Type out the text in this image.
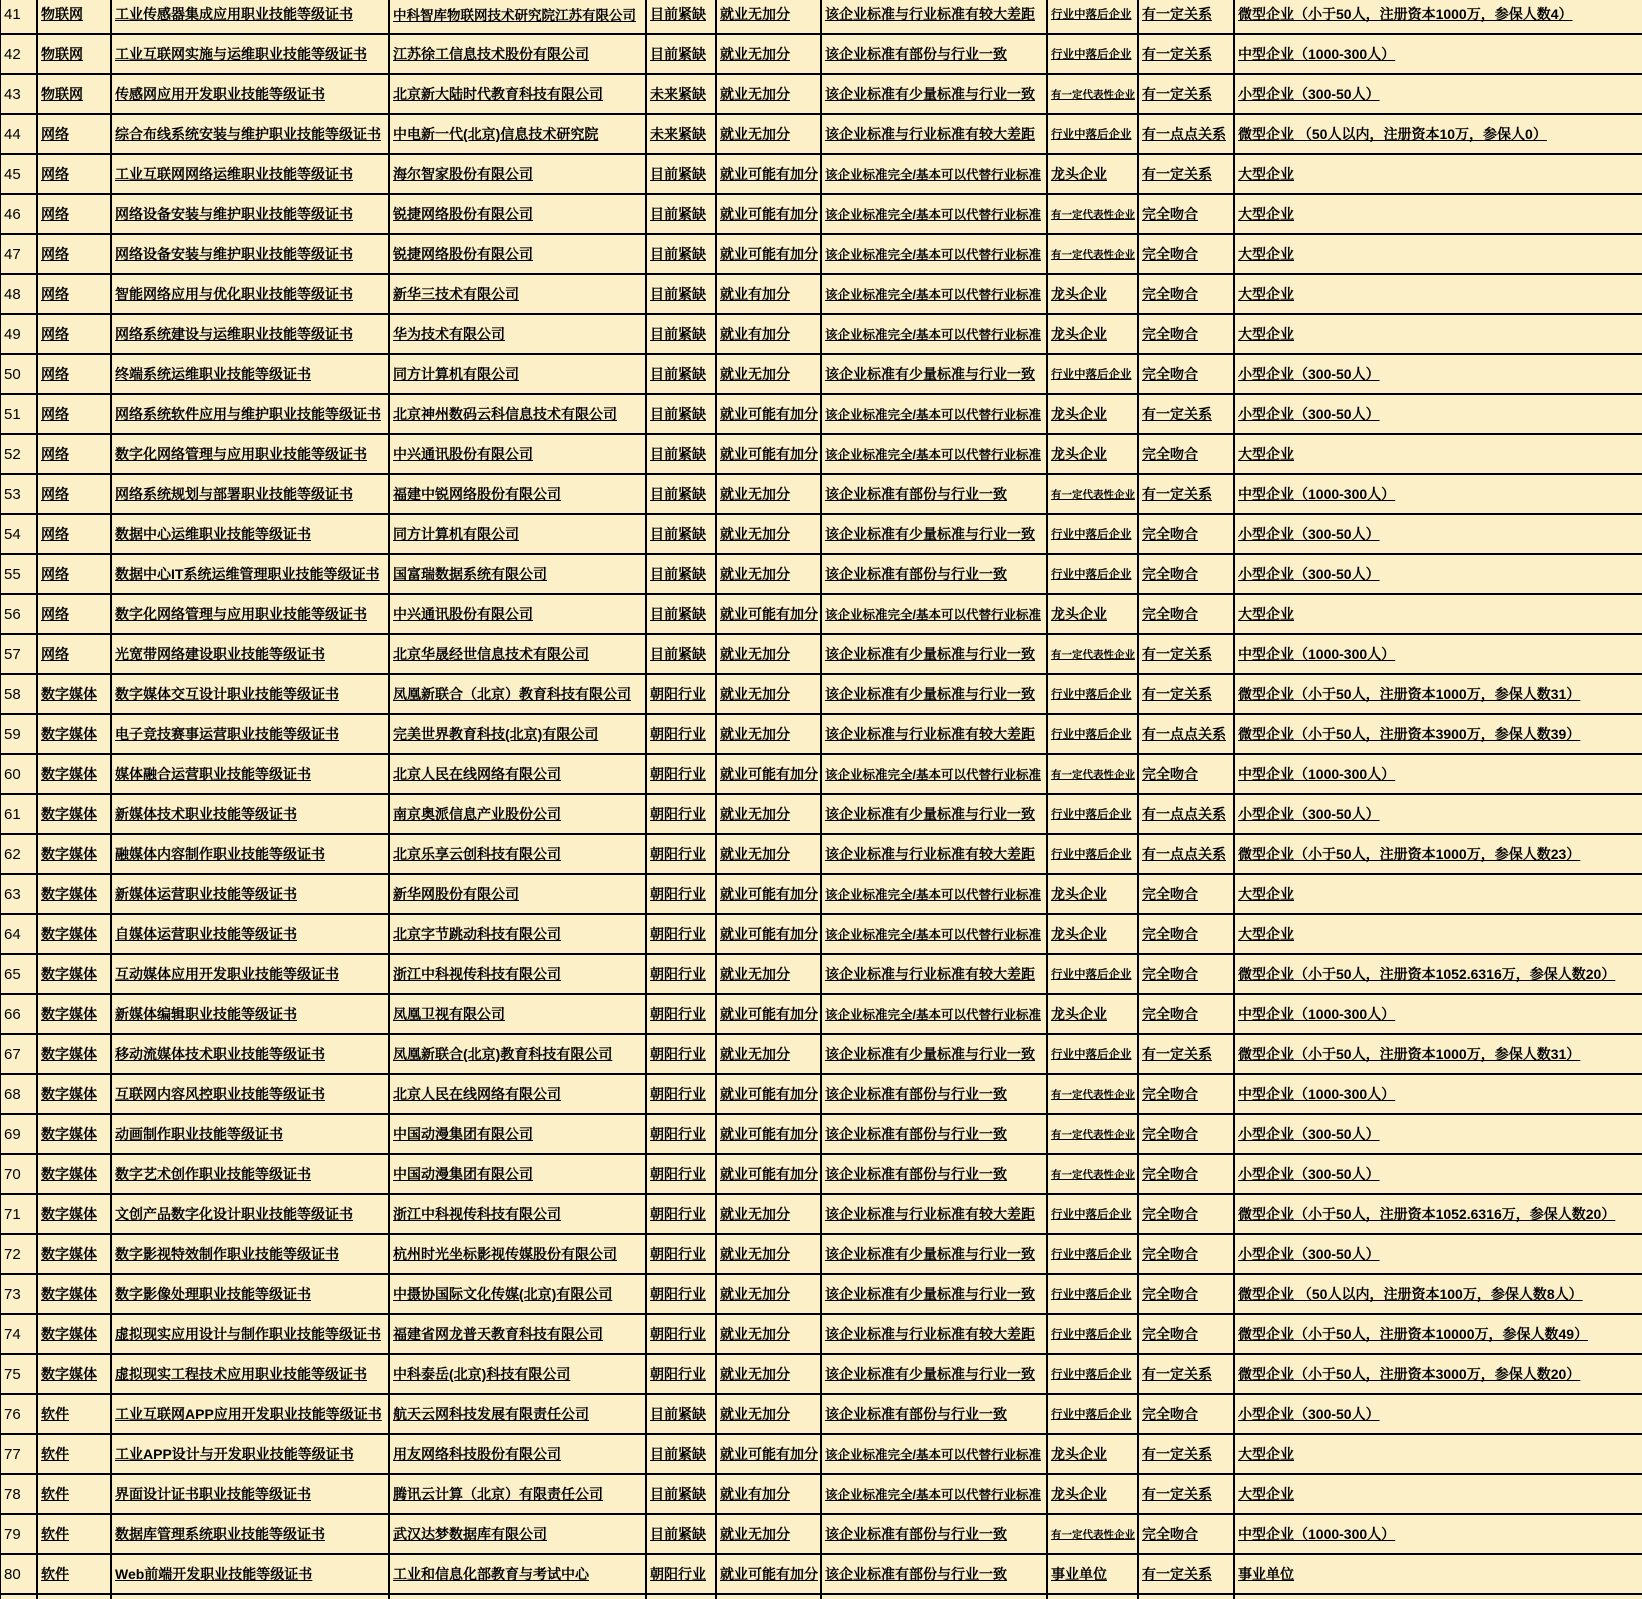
41	物联网	工业传感器集成应用职业技能等级证书	中科智库物联网技术研究院江苏有限公司	目前紧缺	就业无加分	该企业标准与行业标准有较大差距	行业中落后企业	有一定关系	微型企业（小于50人，注册资本1000万，参保人数4）
42	物联网	工业互联网实施与运维职业技能等级证书	江苏徐工信息技术股份有限公司	目前紧缺	就业无加分	该企业标准有部份与行业一致	行业中落后企业	有一定关系	中型企业（1000-300人）
43	物联网	传感网应用开发职业技能等级证书	北京新大陆时代教育科技有限公司	未来紧缺	就业无加分	该企业标准有少量标准与行业一致	有一定代表性企业	有一定关系	小型企业（300-50人）
44	网络	综合布线系统安装与维护职业技能等级证书	中电新一代(北京)信息技术研究院	未来紧缺	就业无加分	该企业标准与行业标准有较大差距	行业中落后企业	有一点点关系	微型企业 （50人以内，注册资本10万，参保人0）
45	网络	工业互联网网络运维职业技能等级证书	海尔智家股份有限公司	目前紧缺	就业可能有加分	该企业标准完全/基本可以代替行业标准	龙头企业	有一定关系	大型企业
46	网络	网络设备安装与维护职业技能等级证书	锐捷网络股份有限公司	目前紧缺	就业可能有加分	该企业标准完全/基本可以代替行业标准	有一定代表性企业	完全吻合	大型企业
47	网络	网络设备安装与维护职业技能等级证书	锐捷网络股份有限公司	目前紧缺	就业可能有加分	该企业标准完全/基本可以代替行业标准	有一定代表性企业	完全吻合	大型企业
48	网络	智能网络应用与优化职业技能等级证书	新华三技术有限公司	目前紧缺	就业有加分	该企业标准完全/基本可以代替行业标准	龙头企业	完全吻合	大型企业
49	网络	网络系统建设与运维职业技能等级证书	华为技术有限公司	目前紧缺	就业有加分	该企业标准完全/基本可以代替行业标准	龙头企业	完全吻合	大型企业
50	网络	终端系统运维职业技能等级证书	同方计算机有限公司	目前紧缺	就业无加分	该企业标准有少量标准与行业一致	行业中落后企业	完全吻合	小型企业（300-50人）
51	网络	网络系统软件应用与维护职业技能等级证书	北京神州数码云科信息技术有限公司	目前紧缺	就业可能有加分	该企业标准完全/基本可以代替行业标准	龙头企业	有一定关系	小型企业（300-50人）
52	网络	数字化网络管理与应用职业技能等级证书	中兴通讯股份有限公司	目前紧缺	就业可能有加分	该企业标准完全/基本可以代替行业标准	龙头企业	完全吻合	大型企业
53	网络	网络系统规划与部署职业技能等级证书	福建中锐网络股份有限公司	目前紧缺	就业无加分	该企业标准有部份与行业一致	有一定代表性企业	有一定关系	中型企业（1000-300人）
54	网络	数据中心运维职业技能等级证书	同方计算机有限公司	目前紧缺	就业无加分	该企业标准有少量标准与行业一致	行业中落后企业	完全吻合	小型企业（300-50人）
55	网络	数据中心IT系统运维管理职业技能等级证书	国富瑞数据系统有限公司	目前紧缺	就业无加分	该企业标准有部份与行业一致	行业中落后企业	完全吻合	小型企业（300-50人）
56	网络	数字化网络管理与应用职业技能等级证书	中兴通讯股份有限公司	目前紧缺	就业可能有加分	该企业标准完全/基本可以代替行业标准	龙头企业	完全吻合	大型企业
57	网络	光宽带网络建设职业技能等级证书	北京华晟经世信息技术有限公司	目前紧缺	就业无加分	该企业标准有少量标准与行业一致	有一定代表性企业	有一定关系	中型企业（1000-300人）
58	数字媒体	数字媒体交互设计职业技能等级证书	凤凰新联合（北京）教育科技有限公司	朝阳行业	就业无加分	该企业标准有少量标准与行业一致	行业中落后企业	有一定关系	微型企业（小于50人，注册资本1000万，参保人数31）
59	数字媒体	电子竞技赛事运营职业技能等级证书	完美世界教育科技(北京)有限公司	朝阳行业	就业无加分	该企业标准与行业标准有较大差距	行业中落后企业	有一点点关系	微型企业（小于50人，注册资本3900万，参保人数39）
60	数字媒体	媒体融合运营职业技能等级证书	北京人民在线网络有限公司	朝阳行业	就业可能有加分	该企业标准完全/基本可以代替行业标准	有一定代表性企业	完全吻合	中型企业（1000-300人）
61	数字媒体	新媒体技术职业技能等级证书	南京奥派信息产业股份公司	朝阳行业	就业无加分	该企业标准有少量标准与行业一致	行业中落后企业	有一点点关系	小型企业（300-50人）
62	数字媒体	融媒体内容制作职业技能等级证书	北京乐享云创科技有限公司	朝阳行业	就业无加分	该企业标准与行业标准有较大差距	行业中落后企业	有一点点关系	微型企业（小于50人，注册资本1000万，参保人数23）
63	数字媒体	新媒体运营职业技能等级证书	新华网股份有限公司	朝阳行业	就业可能有加分	该企业标准完全/基本可以代替行业标准	龙头企业	完全吻合	大型企业
64	数字媒体	自媒体运营职业技能等级证书	北京字节跳动科技有限公司	朝阳行业	就业可能有加分	该企业标准完全/基本可以代替行业标准	龙头企业	完全吻合	大型企业
65	数字媒体	互动媒体应用开发职业技能等级证书	浙江中科视传科技有限公司	朝阳行业	就业无加分	该企业标准与行业标准有较大差距	行业中落后企业	完全吻合	微型企业（小于50人，注册资本1052.6316万，参保人数20）
66	数字媒体	新媒体编辑职业技能等级证书	凤凰卫视有限公司	朝阳行业	就业可能有加分	该企业标准完全/基本可以代替行业标准	龙头企业	完全吻合	中型企业（1000-300人）
67	数字媒体	移动流媒体技术职业技能等级证书	凤凰新联合(北京)教育科技有限公司	朝阳行业	就业无加分	该企业标准有少量标准与行业一致	行业中落后企业	有一定关系	微型企业（小于50人，注册资本1000万，参保人数31）
68	数字媒体	互联网内容风控职业技能等级证书	北京人民在线网络有限公司	朝阳行业	就业可能有加分	该企业标准有部份与行业一致	有一定代表性企业	完全吻合	中型企业（1000-300人）
69	数字媒体	动画制作职业技能等级证书	中国动漫集团有限公司	朝阳行业	就业可能有加分	该企业标准有部份与行业一致	有一定代表性企业	完全吻合	小型企业（300-50人）
70	数字媒体	数字艺术创作职业技能等级证书	中国动漫集团有限公司	朝阳行业	就业可能有加分	该企业标准有部份与行业一致	有一定代表性企业	完全吻合	小型企业（300-50人）
71	数字媒体	文创产品数字化设计职业技能等级证书	浙江中科视传科技有限公司	朝阳行业	就业无加分	该企业标准与行业标准有较大差距	行业中落后企业	完全吻合	微型企业（小于50人，注册资本1052.6316万，参保人数20）
72	数字媒体	数字影视特效制作职业技能等级证书	杭州时光坐标影视传媒股份有限公司	朝阳行业	就业无加分	该企业标准有少量标准与行业一致	行业中落后企业	完全吻合	小型企业（300-50人）
73	数字媒体	数字影像处理职业技能等级证书	中摄协国际文化传媒(北京)有限公司	朝阳行业	就业无加分	该企业标准有少量标准与行业一致	行业中落后企业	完全吻合	微型企业 （50人以内，注册资本100万，参保人数8人）
74	数字媒体	虚拟现实应用设计与制作职业技能等级证书	福建省网龙普天教育科技有限公司	朝阳行业	就业无加分	该企业标准与行业标准有较大差距	行业中落后企业	完全吻合	微型企业（小于50人，注册资本10000万，参保人数49）
75	数字媒体	虚拟现实工程技术应用职业技能等级证书	中科泰岳(北京)科技有限公司	朝阳行业	就业无加分	该企业标准有少量标准与行业一致	行业中落后企业	有一定关系	微型企业（小于50人，注册资本3000万，参保人数20）
76	软件	工业互联网APP应用开发职业技能等级证书	航天云网科技发展有限责任公司	目前紧缺	就业无加分	该企业标准有部份与行业一致	行业中落后企业	完全吻合	小型企业（300-50人）
77	软件	工业APP设计与开发职业技能等级证书	用友网络科技股份有限公司	目前紧缺	就业可能有加分	该企业标准完全/基本可以代替行业标准	龙头企业	有一定关系	大型企业
78	软件	界面设计证书职业技能等级证书	腾讯云计算（北京）有限责任公司	目前紧缺	就业有加分	该企业标准完全/基本可以代替行业标准	龙头企业	有一定关系	大型企业
79	软件	数据库管理系统职业技能等级证书	武汉达梦数据库有限公司	目前紧缺	就业无加分	该企业标准有部份与行业一致	有一定代表性企业	完全吻合	中型企业（1000-300人）
80	软件	Web前端开发职业技能等级证书	工业和信息化部教育与考试中心	朝阳行业	就业可能有加分	该企业标准有部份与行业一致	事业单位	有一定关系	事业单位
